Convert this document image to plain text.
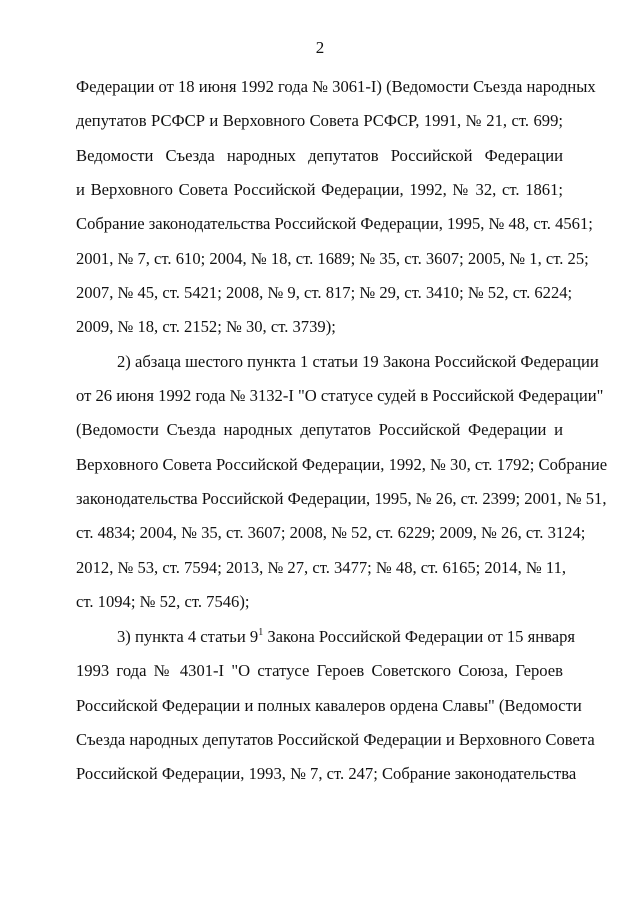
2
Федерации от 18 июня 1992 года № 3061-I) (Ведомости Съезда народных
депутатов РСФСР и Верховного Совета РСФСР, 1991, № 21, ст. 699;
Ведомости Съезда народных депутатов Российской Федерации
и Верховного Совета Российской Федерации, 1992, № 32, ст. 1861;
Собрание законодательства Российской Федерации, 1995, № 48, ст. 4561;
2001, № 7, ст. 610; 2004, № 18, ст. 1689; № 35, ст. 3607; 2005, № 1, ст. 25;
2007, № 45, ст. 5421; 2008, № 9, ст. 817; № 29, ст. 3410; № 52, ст. 6224;
2009, № 18, ст. 2152; № 30, ст. 3739);
2) абзаца шестого пункта 1 статьи 19 Закона Российской Федерации
от 26 июня 1992 года № 3132-I "О статусе судей в Российской Федерации"
(Ведомости Съезда народных депутатов Российской Федерации и
Верховного Совета Российской Федерации, 1992, № 30, ст. 1792; Собрание
законодательства Российской Федерации, 1995, № 26, ст. 2399; 2001, № 51,
ст. 4834; 2004, № 35, ст. 3607; 2008, № 52, ст. 6229; 2009, № 26, ст. 3124;
2012, № 53, ст. 7594; 2013, № 27, ст. 3477; № 48, ст. 6165; 2014, № 11,
ст. 1094; № 52, ст. 7546);
3) пункта 4 статьи $9^1$ Закона Российской Федерации от 15 января
1993 года № 4301-I "О статусе Героев Советского Союза, Героев
Российской Федерации и полных кавалеров ордена Славы" (Ведомости
Съезда народных депутатов Российской Федерации и Верховного Совета
Российской Федерации, 1993, № 7, ст. 247; Собрание законодательства
